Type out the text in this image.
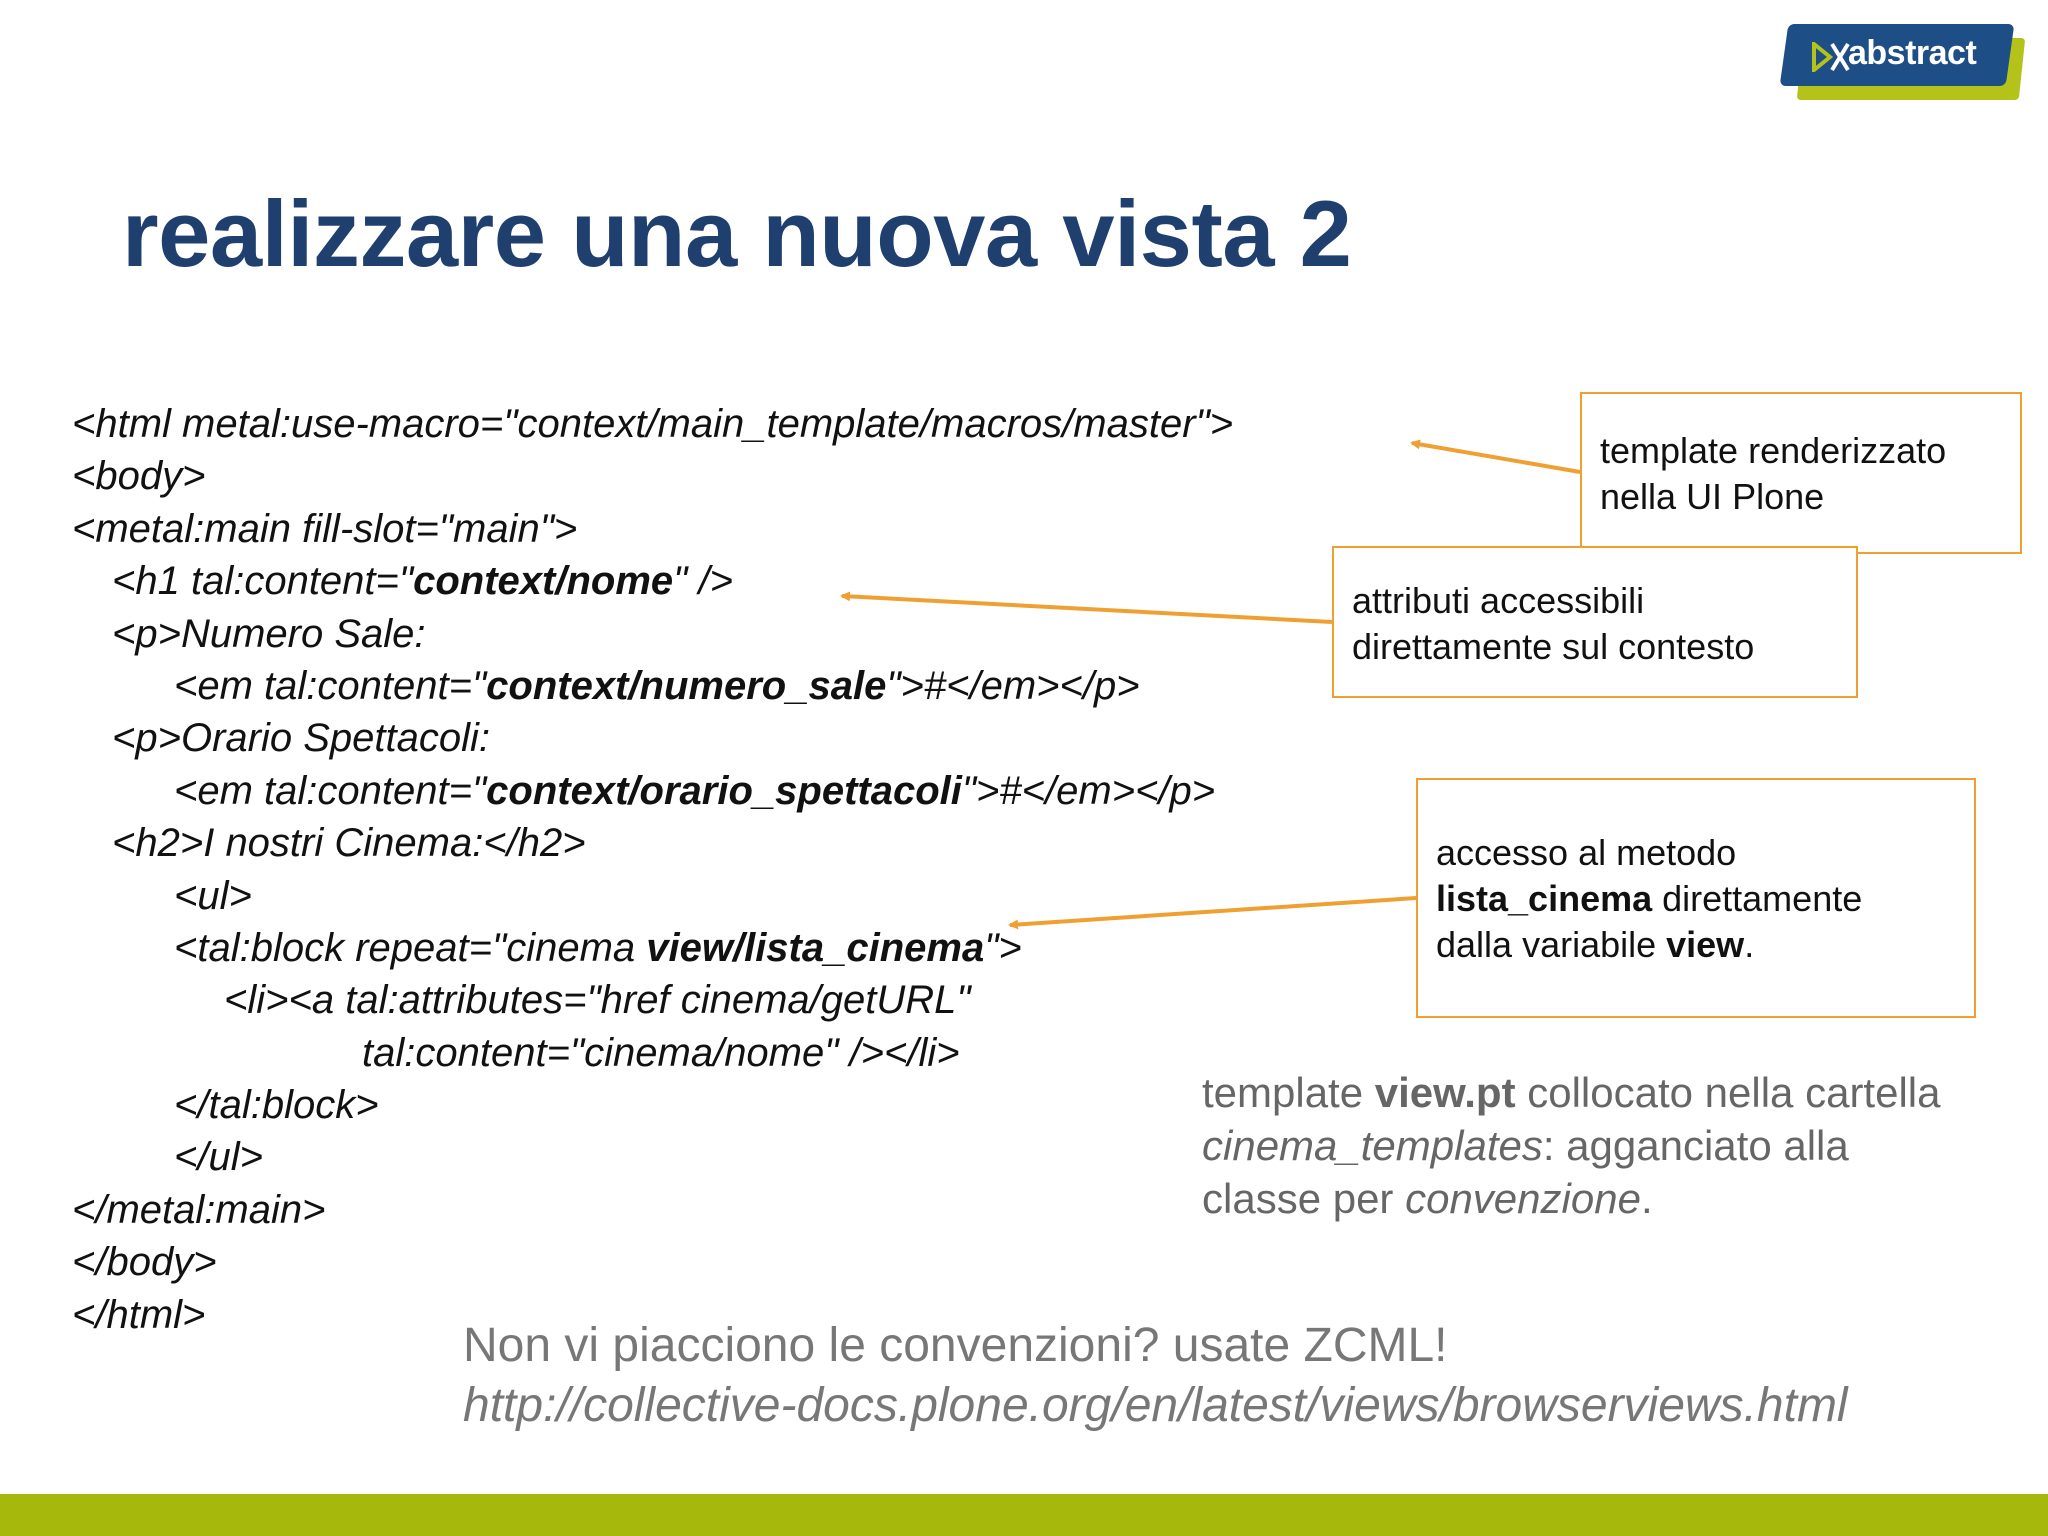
abstract
realizzare una nuova vista 2
<html metal:use-macro="context/main_template/macros/master">
<body>
<metal:main fill-slot="main">
<h1 tal:content="context/nome" />
<p>Numero Sale:
<em tal:content="context/numero_sale">#</em></p>
<p>Orario Spettacoli:
<em tal:content="context/orario_spettacoli">#</em></p>
<h2>I nostri Cinema:</h2>
<ul>
<tal:block repeat="cinema view/lista_cinema">
<li><a tal:attributes="href cinema/getURL"
tal:content="cinema/nome" /></li>
</tal:block>
</ul>
</metal:main>
</body>
</html>
template renderizzato
nella UI Plone
attributi accessibili
direttamente sul contesto
accesso al metodo
lista_cinema direttamente
dalla variabile view.
template view.pt collocato nella cartella
cinema_templates: agganciato alla
classe per convenzione.
Non vi piacciono le convenzioni? usate ZCML!
http://collective-docs.plone.org/en/latest/views/browserviews.html
